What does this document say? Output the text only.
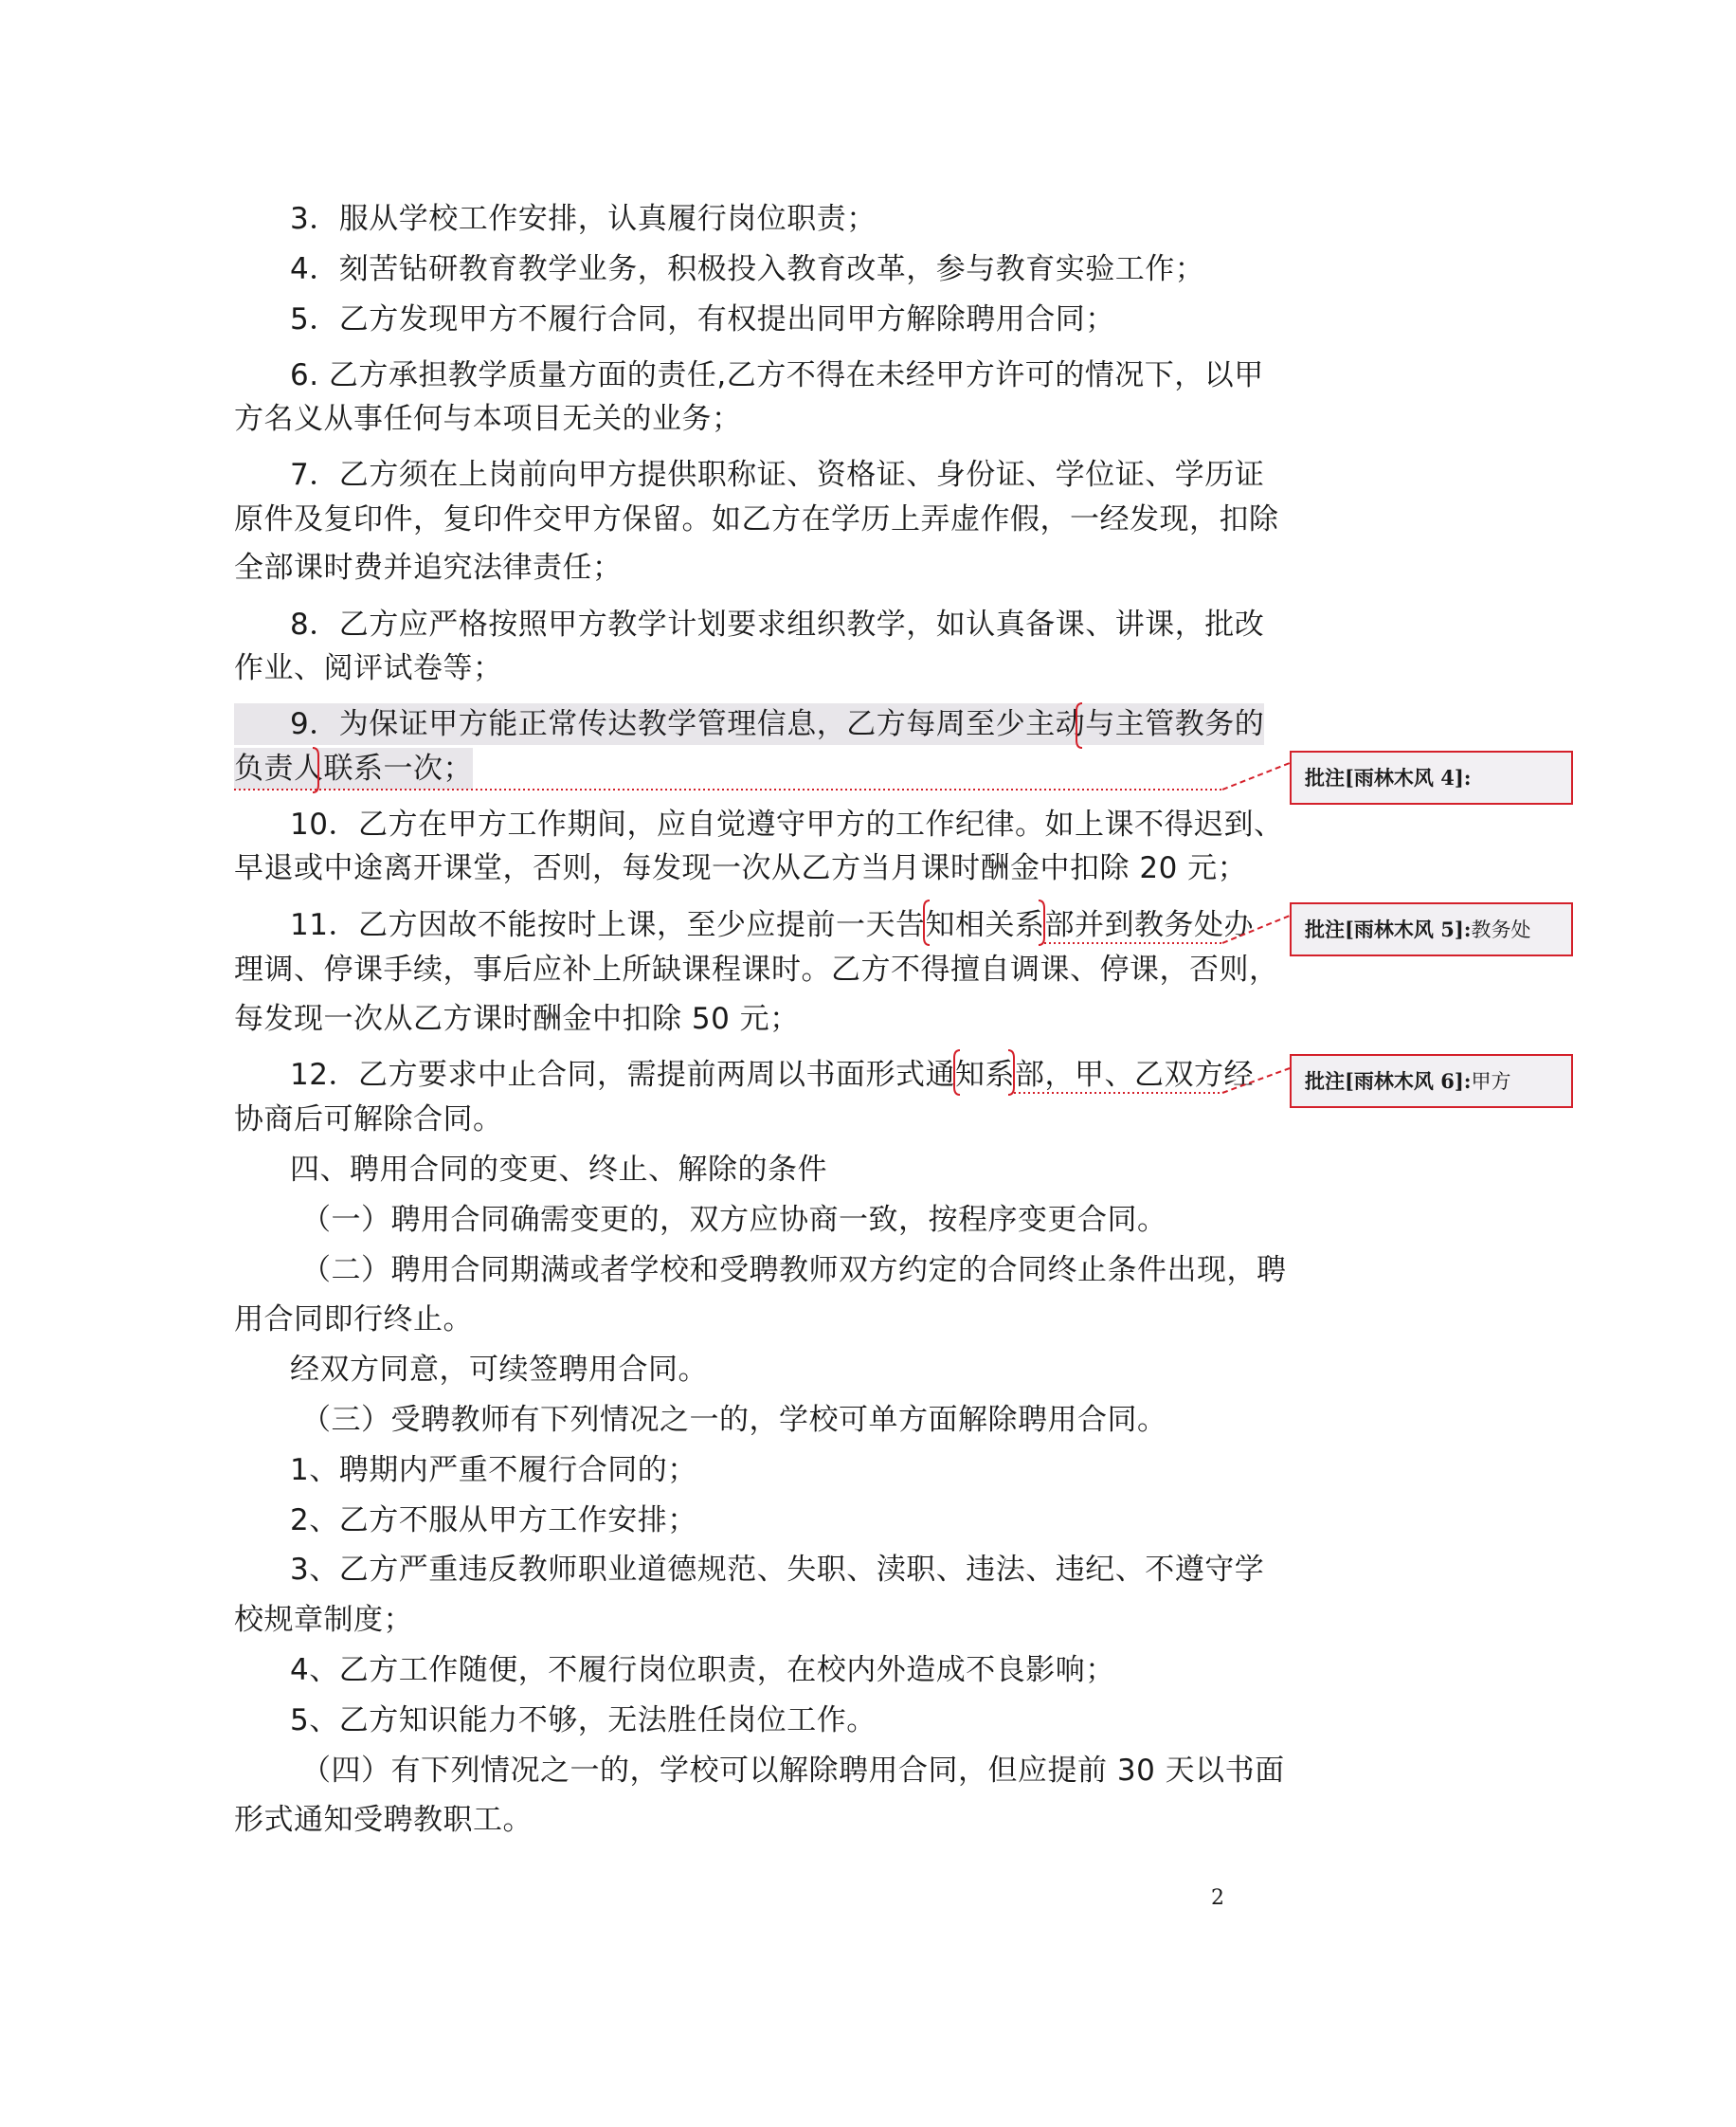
3．服从学校工作安排，认真履行岗位职责；
4．刻苦钻研教育教学业务，积极投入教育改革，参与教育实验工作；
5．乙方发现甲方不履行合同，有权提出同甲方解除聘用合同；
6. 乙方承担教学质量方面的责任,乙方不得在未经甲方许可的情况下，以甲
方名义从事任何与本项目无关的业务；
7．乙方须在上岗前向甲方提供职称证、资格证、身份证、学位证、学历证
原件及复印件，复印件交甲方保留。如乙方在学历上弄虚作假，一经发现，扣除
全部课时费并追究法律责任；
8．乙方应严格按照甲方教学计划要求组织教学，如认真备课、讲课，批改
作业、阅评试卷等；
9．为保证甲方能正常传达教学管理信息，乙方每周至少主动与主管教务的
负责人联系一次；
10．乙方在甲方工作期间，应自觉遵守甲方的工作纪律。如上课不得迟到、
早退或中途离开课堂，否则，每发现一次从乙方当月课时酬金中扣除 20 元；
11．乙方因故不能按时上课，至少应提前一天告知相关系部并到教务处办
理调、停课手续，事后应补上所缺课程课时。乙方不得擅自调课、停课，否则，
每发现一次从乙方课时酬金中扣除 50 元；
12．乙方要求中止合同，需提前两周以书面形式通知系部，甲、乙双方经
协商后可解除合同。
四、聘用合同的变更、终止、解除的条件
（一）聘用合同确需变更的，双方应协商一致，按程序变更合同。
（二）聘用合同期满或者学校和受聘教师双方约定的合同终止条件出现，聘
用合同即行终止。
经双方同意，可续签聘用合同。
（三）受聘教师有下列情况之一的，学校可单方面解除聘用合同。
1、聘期内严重不履行合同的；
2、乙方不服从甲方工作安排；
3、乙方严重违反教师职业道德规范、失职、渎职、违法、违纪、不遵守学
校规章制度；
4、乙方工作随便，不履行岗位职责，在校内外造成不良影响；
5、乙方知识能力不够，无法胜任岗位工作。
（四）有下列情况之一的，学校可以解除聘用合同，但应提前 30 天以书面
形式通知受聘教职工。
2
批注[雨林木风 4]:
批注[雨林木风 5]:教务处
批注[雨林木风 6]:甲方
